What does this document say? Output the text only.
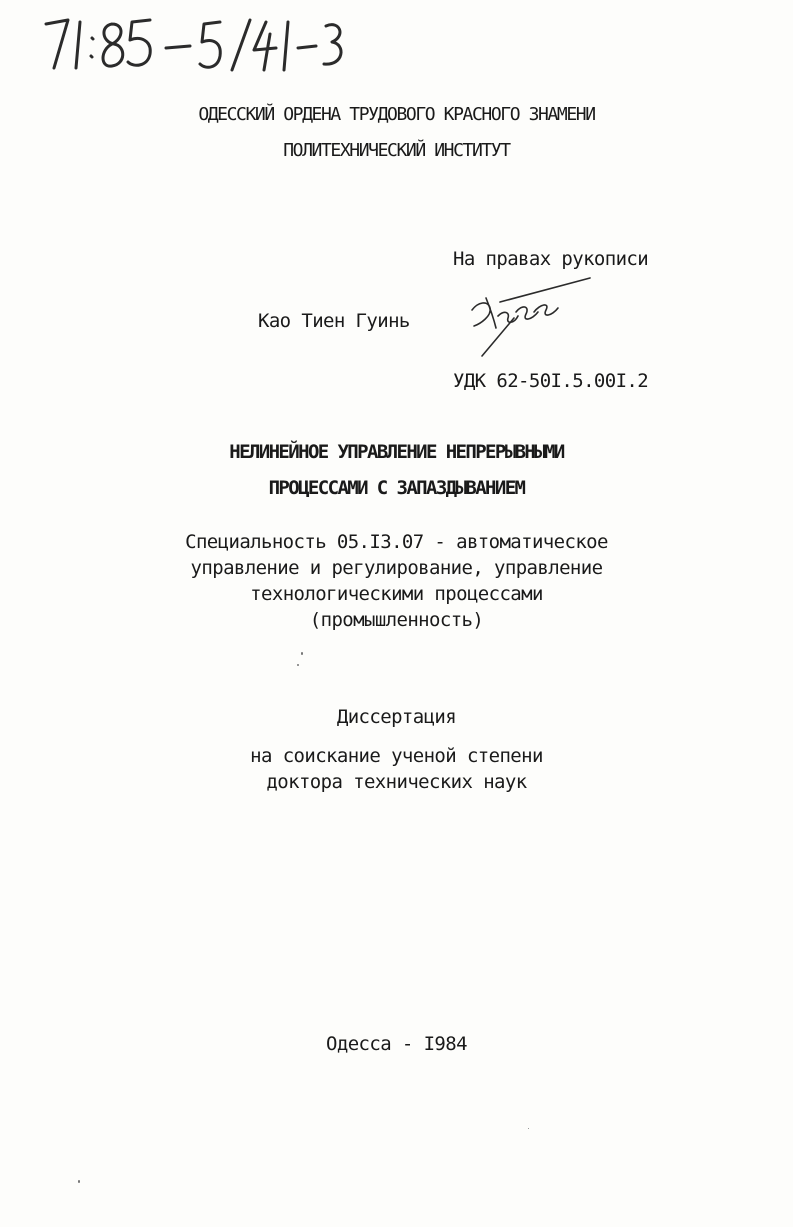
ОДЕССКИЙ ОРДЕНА ТРУДОВОГО КРАСНОГО ЗНАМЕНИ
ПОЛИТЕХНИЧЕСКИЙ ИНСТИТУТ
На правах рукописи
Као Тиен Гуинь
УДК 62-50I.5.00I.2
НЕЛИНЕЙНОЕ УПРАВЛЕНИЕ НЕПРЕРЫВНЫМИ
ПРОЦЕССАМИ С ЗАПАЗДЫВАНИЕМ
Специальность 05.I3.07 - автоматическое
управление и регулирование, управление
технологическими процессами
(промышленность)
Диссертация
на соискание ученой степени
доктора технических наук
Одесса - I984
